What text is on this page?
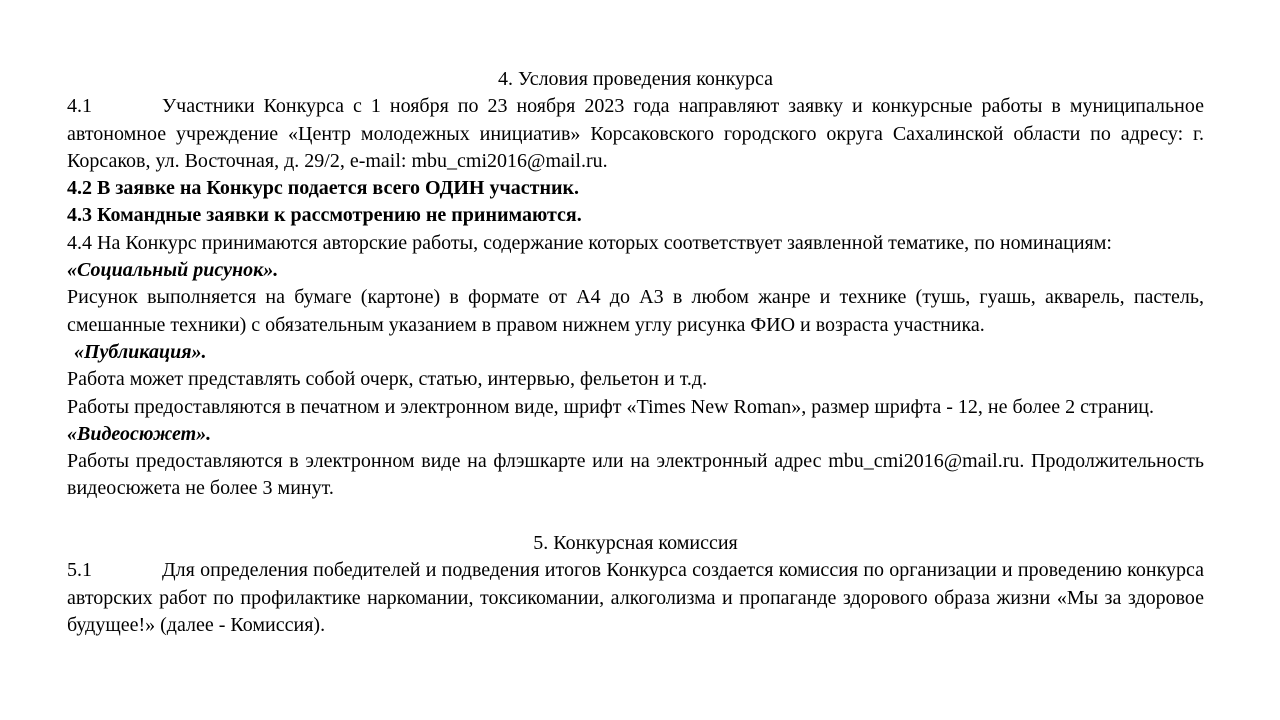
4. Условия проведения конкурса

4.1	Участники Конкурса с 1 ноября по 23 ноября 2023 года направляют заявку и конкурсные работы в муниципальное автономное учреждение «Центр молодежных инициатив» Корсаковского городского округа Сахалинской области по адресу: г. Корсаков, ул. Восточная, д. 29/2, e-mail: mbu_cmi2016@mail.ru.

4.2 В заявке на Конкурс подается всего ОДИН участник.

4.3 Командные заявки к рассмотрению не принимаются.

4.4 На Конкурс принимаются авторские работы, содержание которых соответствует заявленной тематике, по номинациям:

«Социальный рисунок».

Рисунок выполняется на бумаге (картоне) в формате от А4 до А3 в любом жанре и технике (тушь, гуашь, акварель, пастель, смешанные техники) с обязательным указанием в правом нижнем углу рисунка ФИО и возраста участника.

«Публикация».

Работа может представлять собой очерк, статью, интервью, фельетон и т.д.

Работы предоставляются в печатном и электронном виде, шрифт «Times New Roman», размер шрифта - 12, не более 2 страниц.

«Видеосюжет».

Работы предоставляются в электронном виде на флэшкарте или на электронный адрес mbu_cmi2016@mail.ru. Продолжительность видеосюжета не более 3 минут.

5. Конкурсная комиссия

5.1	Для определения победителей и подведения итогов Конкурса создается комиссия по организации и проведению конкурса авторских работ по профилактике наркомании, токсикомании, алкоголизма и пропаганде здорового образа жизни «Мы за здоровое будущее!» (далее - Комиссия).
